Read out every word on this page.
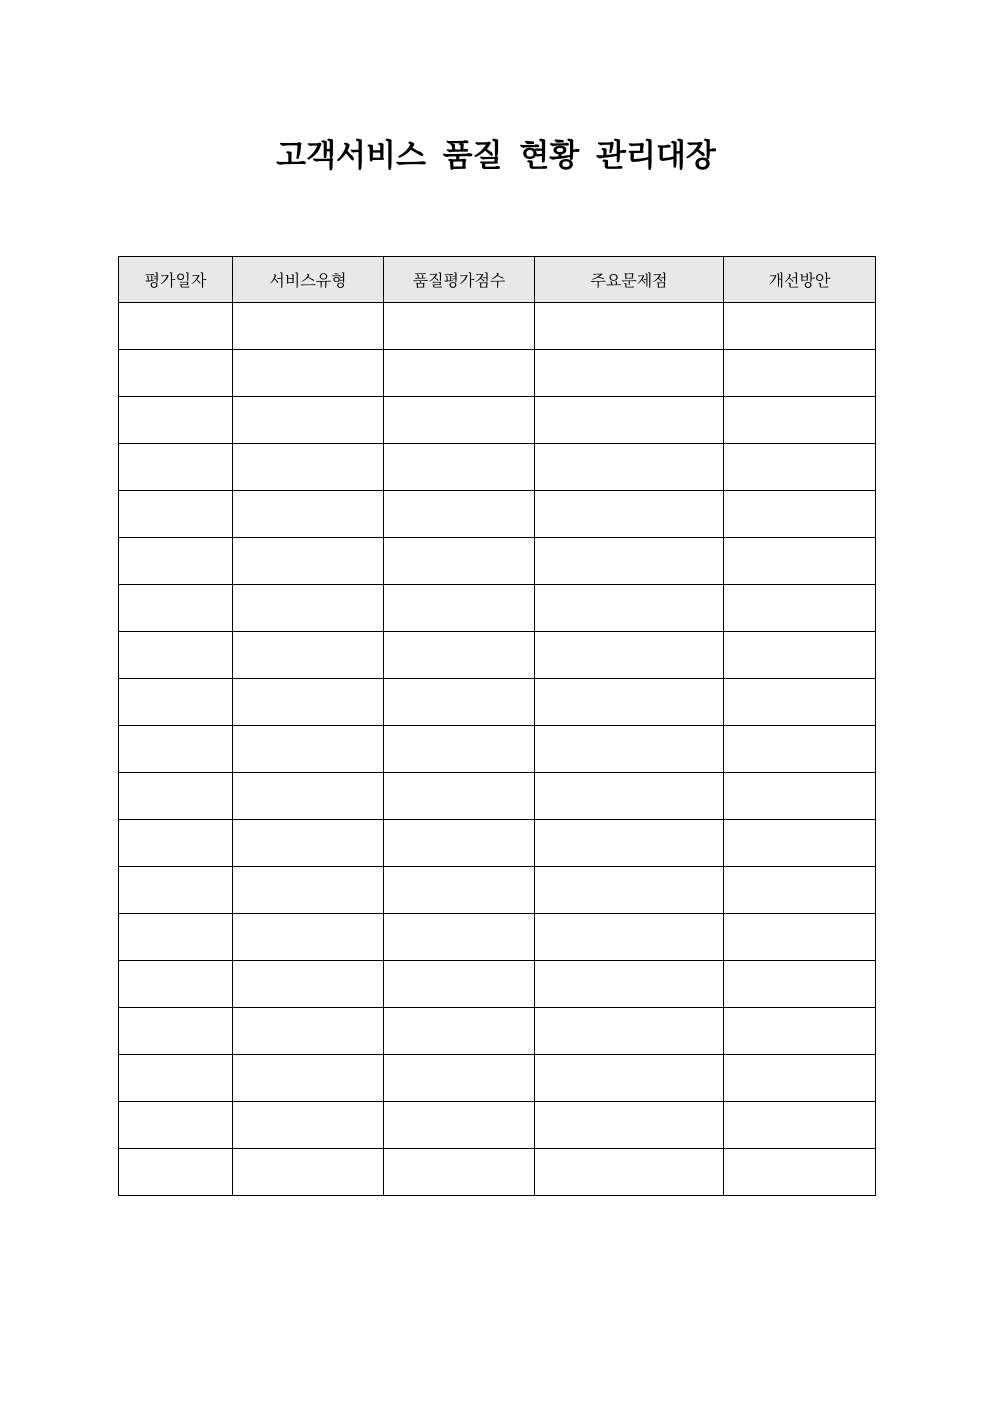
고객서비스 품질 현황 관리대장
평가일자	서비스유형	품질평가점수	주요문제점	개선방안
